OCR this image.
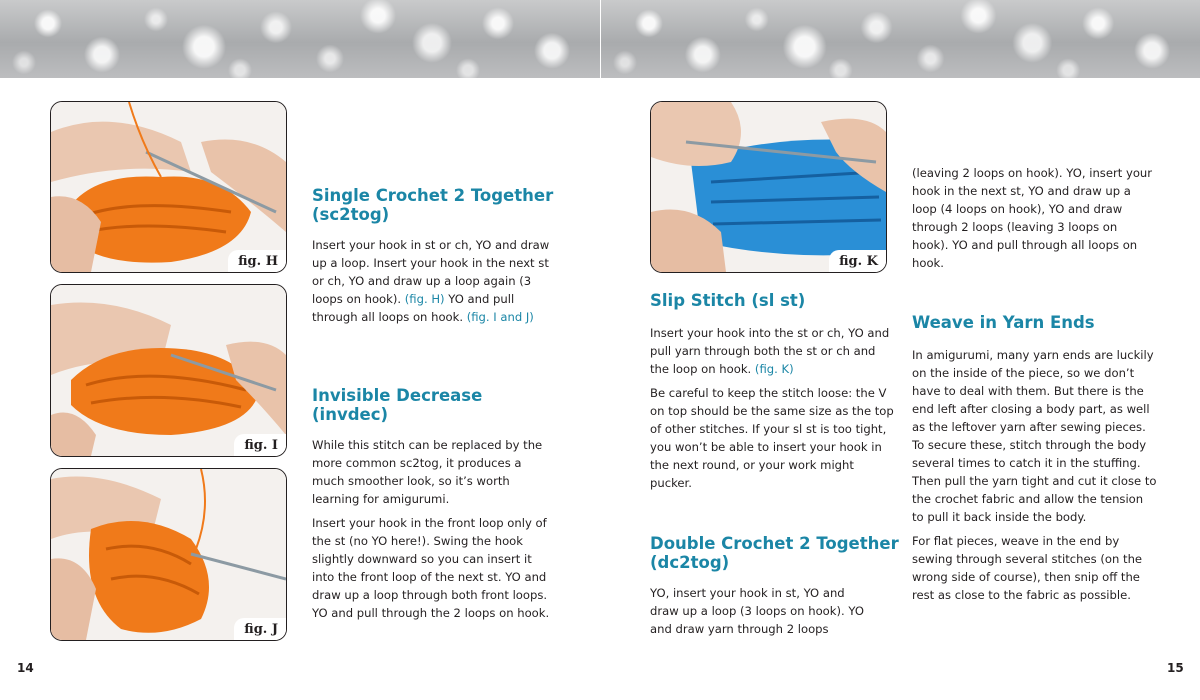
fig. H
fig. I
fig. J
fig. K
Single Crochet 2 Together
(sc2tog)

Insert your hook in st or ch, YO and draw up a loop. Insert your hook in the next st or ch, YO and draw up a loop again (3 loops on hook). (fig. H) YO and pull through all loops on hook. (fig. I and J)

Invisible Decrease
(invdec)

While this stitch can be replaced by the more common sc2tog, it produces a much smoother look, so it’s worth learning for amigurumi.

Insert your hook in the front loop only of the st (no YO here!). Swing the hook slightly downward so you can insert it into the front loop of the next st. YO and draw up a loop through both front loops. YO and pull through the 2 loops on hook.

Slip Stitch (sl st)

Insert your hook into the st or ch, YO and pull yarn through both the st or ch and the loop on hook. (fig. K)

Be careful to keep the stitch loose: the V on top should be the same size as the top of other stitches. If your sl st is too tight, you won’t be able to insert your hook in the next round, or your work might pucker.

Double Crochet 2 Together
(dc2tog)

YO, insert your hook in st, YO and draw up a loop (3 loops on hook). YO and draw yarn through 2 loops

(leaving 2 loops on hook). YO, insert your hook in the next st, YO and draw up a loop (4 loops on hook), YO and draw through 2 loops (leaving 3 loops on hook). YO and pull through all loops on hook.

Weave in Yarn Ends

In amigurumi, many yarn ends are luckily on the inside of the piece, so we don’t have to deal with them. But there is the end left after closing a body part, as well as the leftover yarn after sewing pieces. To secure these, stitch through the body several times to catch it in the stuffing. Then pull the yarn tight and cut it close to the crochet fabric and allow the tension to pull it back inside the body.

For flat pieces, weave in the end by sewing through several stitches (on the wrong side of course), then snip off the rest as close to the fabric as possible.

14	15
